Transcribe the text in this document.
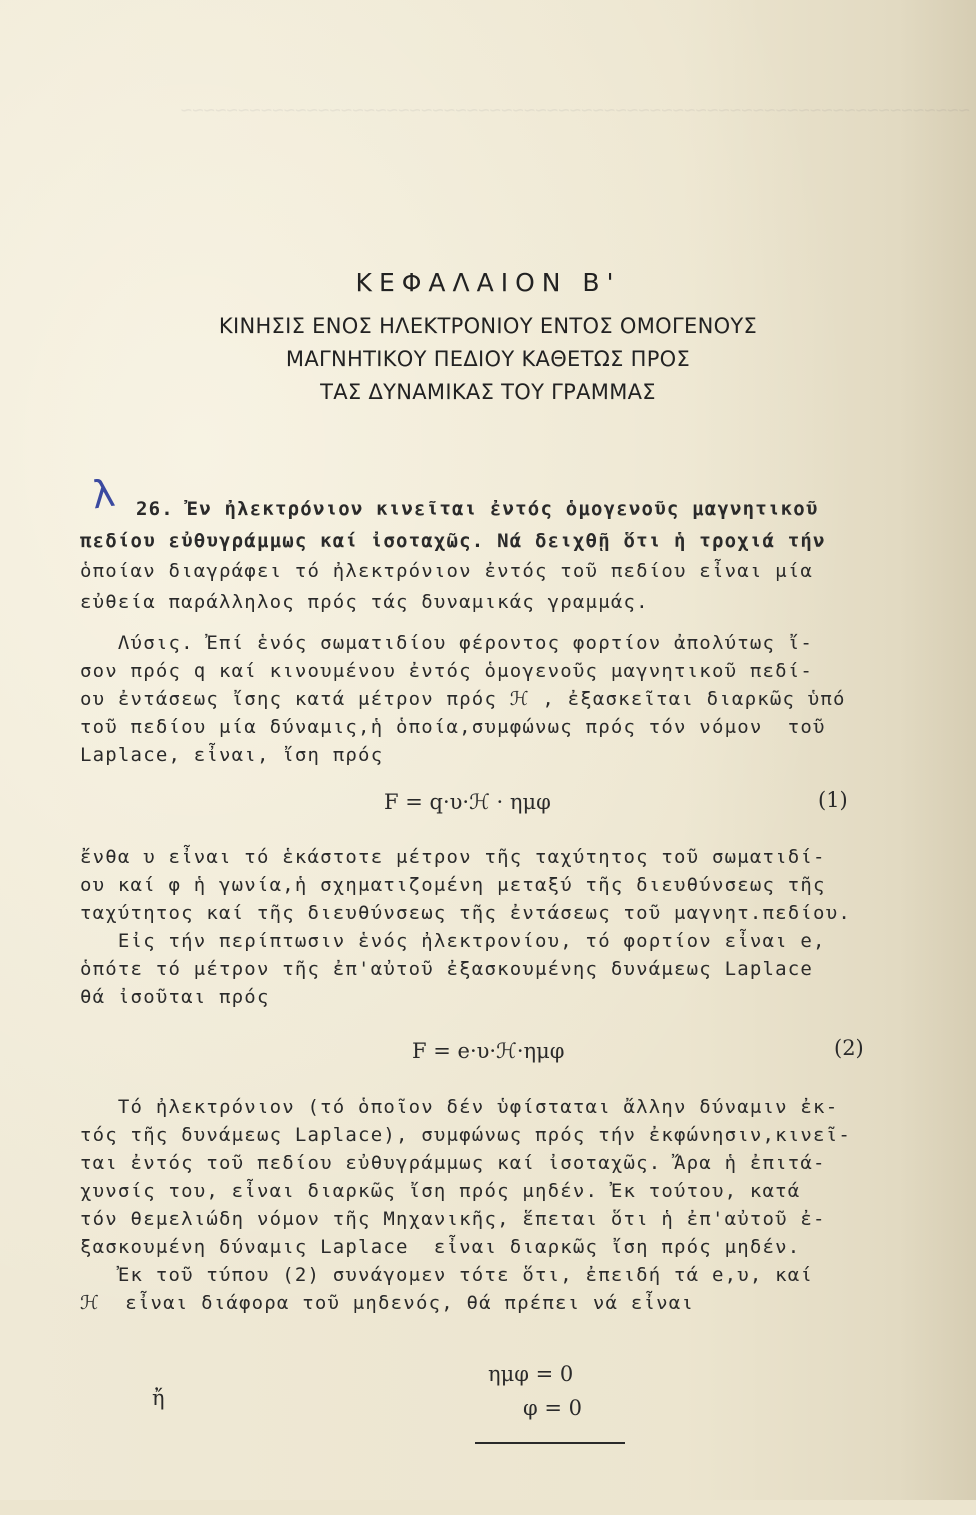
~~~~~~~~~~~~~~~~~~~~~~~~~~~~~~~~~~~~~~~~~~~~~~~~~~~~~~~~~~~~~~~~~~~~~
ΚΕΦΑΛΑΙΟΝ Β'
ΚΙΝΗΣΙΣ ΕΝΟΣ ΗΛΕΚΤΡΟΝΙΟΥ ΕΝΤΟΣ ΟΜΟΓΕΝΟΥΣ
ΜΑΓΝΗΤΙΚΟΥ ΠΕΔΙΟΥ ΚΑΘΕΤΩΣ ΠΡΟΣ
ΤΑΣ ΔΥΝΑΜΙΚΑΣ ΤΟΥ ΓΡΑΜΜΑΣ
λ 26. Ἐν ἠλεκτρόνιον κινεῖται ἐντός ὁμογενοῦς μαγνητικοῦ
πεδίου εὐθυγράμμως καί ἰσοταχῶς. Νά δειχθῇ ὅτι ἡ τροχιά τήν
ὁποίαν διαγράφει τό ἠλεκτρόνιον ἐντός τοῦ πεδίου εἶναι μία
εὐθεία παράλληλος πρός τάς δυναμικάς γραμμάς.
Λύσις. Ἐπί ἑνός σωματιδίου φέροντος φορτίον ἀπολύτως ἴ-
σον πρός q καί κινουμένου ἐντός ὁμογενοῦς μαγνητικοῦ πεδί-
ου ἐντάσεως ἴσης κατά μέτρον πρός ℋ , ἐξασκεῖται διαρκῶς ὑπό
τοῦ πεδίου μία δύναμις,ἡ ὁποία,συμφώνως πρός τόν νόμον  τοῦ
Laplace, εἶναι, ἴση πρός
F = q·υ·ℋ · ημφ	(1)
ἔνθα υ εἶναι τό ἑκάστοτε μέτρον τῆς ταχύτητος τοῦ σωματιδί-
ου καί φ ἡ γωνία,ἡ σχηματιζομένη μεταξύ τῆς διευθύνσεως τῆς
ταχύτητος καί τῆς διευθύνσεως τῆς ἐντάσεως τοῦ μαγνητ.πεδίου.
Εἰς τήν περίπτωσιν ἑνός ἠλεκτρονίου, τό φορτίον εἶναι e,
ὁπότε τό μέτρον τῆς ἐπ'αὐτοῦ ἐξασκουμένης δυνάμεως Laplace
θά ἰσοῦται πρός
F = e·υ·ℋ·ημφ	(2)
Τό ἠλεκτρόνιον (τό ὁποῖον δέν ὑφίσταται ἄλλην δύναμιν ἐκ-
τός τῆς δυνάμεως Laplace), συμφώνως πρός τήν ἐκφώνησιν,κινεῖ-
ται ἐντός τοῦ πεδίου εὐθυγράμμως καί ἰσοταχῶς. Ἄρα ἡ ἐπιτά-
χυνσίς του, εἶναι διαρκῶς ἴση πρός μηδέν. Ἐκ τούτου, κατά
τόν θεμελιώδη νόμον τῆς Μηχανικῆς, ἕπεται ὅτι ἡ ἐπ'αὐτοῦ ἐ-
ξασκουμένη δύναμις Laplace  εἶναι διαρκῶς ἴση πρός μηδέν.
Ἐκ τοῦ τύπου (2) συνάγομεν τότε ὅτι, ἐπειδή τά e,υ, καί
ℋ  εἶναι διάφορα τοῦ μηδενός, θά πρέπει νά εἶναι
ημφ = 0
ἤ	φ = 0
